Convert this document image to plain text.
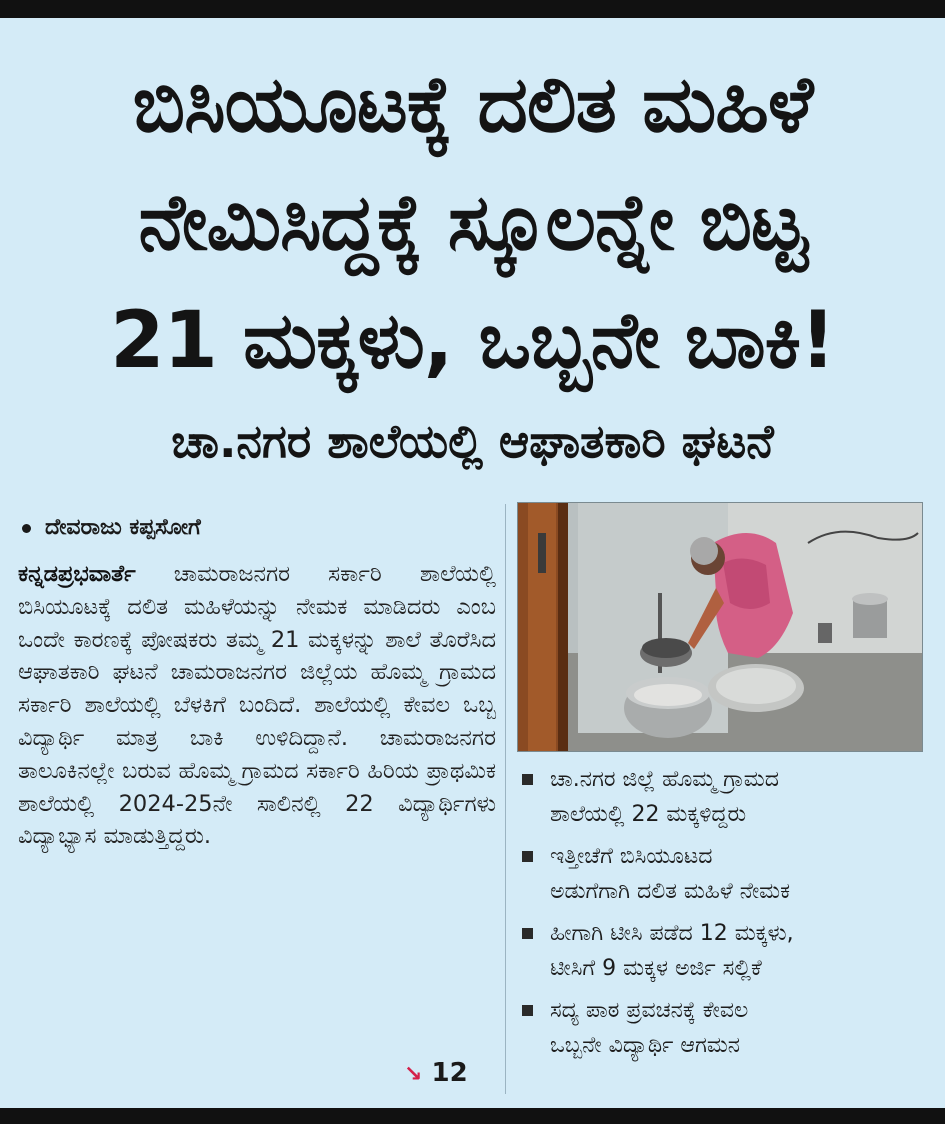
ಬಿಸಿಯೂಟಕ್ಕೆ ದಲಿತ ಮಹಿಳೆ
ನೇಮಿಸಿದ್ದಕ್ಕೆ ಸ್ಕೂಲನ್ನೇ ಬಿಟ್ಟ
21 ಮಕ್ಕಳು, ಒಬ್ಬನೇ ಬಾಕಿ!
ಚಾ.ನಗರ ಶಾಲೆಯಲ್ಲಿ ಆಘಾತಕಾರಿ ಘಟನೆ
ದೇವರಾಜು ಕಪ್ಪಸೋಗೆ
ಕನ್ನಡಪ್ರಭವಾರ್ತೆ ಚಾಮರಾಜನಗರ ಸರ್ಕಾರಿ ಶಾಲೆಯಲ್ಲಿ ಬಿಸಿಯೂಟಕ್ಕೆ ದಲಿತ ಮಹಿಳೆಯನ್ನು ನೇಮಕ ಮಾಡಿದರು ಎಂಬ ಒಂದೇ ಕಾರಣಕ್ಕೆ ಪೋಷಕರು ತಮ್ಮ 21 ಮಕ್ಕಳನ್ನು ಶಾಲೆ ತೊರೆಸಿದ ಆಘಾತಕಾರಿ ಘಟನೆ ಚಾಮರಾಜನಗರ ಜಿಲ್ಲೆಯ ಹೊಮ್ಮ ಗ್ರಾಮದ ಸರ್ಕಾರಿ ಶಾಲೆಯಲ್ಲಿ ಬೆಳಕಿಗೆ ಬಂದಿದೆ. ಶಾಲೆಯಲ್ಲಿ ಕೇವಲ ಒಬ್ಬ ವಿದ್ಯಾರ್ಥಿ ಮಾತ್ರ ಬಾಕಿ ಉಳಿದಿದ್ದಾನೆ. ಚಾಮರಾಜನಗರ ತಾಲೂಕಿನಲ್ಲೇ ಬರುವ ಹೊಮ್ಮ ಗ್ರಾಮದ ಸರ್ಕಾರಿ ಹಿರಿಯ ಪ್ರಾಥಮಿಕ ಶಾಲೆಯಲ್ಲಿ 2024-25ನೇ ಸಾಲಿನಲ್ಲಿ 22 ವಿದ್ಯಾರ್ಥಿಗಳು
ವಿದ್ಯಾಭ್ಯಾಸ ಮಾಡುತ್ತಿದ್ದರು.
↘ 12
ಚಾ.ನಗರ ಜಿಲ್ಲೆ ಹೊಮ್ಮ ಗ್ರಾಮದ
ಶಾಲೆಯಲ್ಲಿ 22 ಮಕ್ಕಳಿದ್ದರು
ಇತ್ತೀಚೆಗೆ ಬಿಸಿಯೂಟದ
ಅಡುಗೆಗಾಗಿ ದಲಿತ ಮಹಿಳೆ ನೇಮಕ
ಹೀಗಾಗಿ ಟೀಸಿ ಪಡೆದ 12 ಮಕ್ಕಳು,
ಟೀಸಿಗೆ 9 ಮಕ್ಕಳ ಅರ್ಜಿ ಸಲ್ಲಿಕೆ
ಸದ್ಯ ಪಾಠ ಪ್ರವಚನಕ್ಕೆ ಕೇವಲ
ಒಬ್ಬನೇ ವಿದ್ಯಾರ್ಥಿ ಆಗಮನ
